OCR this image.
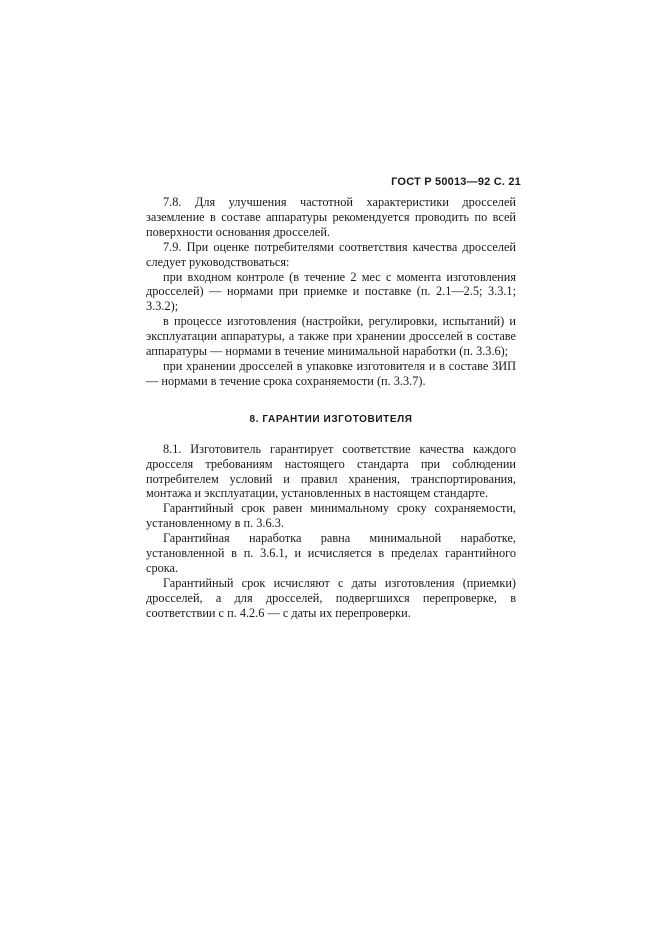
ГОСТ Р 50013—92 С. 21

7.8. Для улучшения частотной характеристики дросселей заземление в составе аппаратуры рекомендуется проводить по всей поверхности основания дросселей.

7.9. При оценке потребителями соответствия качества дросселей следует руководствоваться:

при входном контроле (в течение 2 мес с момента изготовления дросселей) — нормами при приемке и поставке (п. 2.1—2.5; 3.3.1; 3.3.2);

в процессе изготовления (настройки, регулировки, испытаний) и эксплуатации аппаратуры, а также при хранении дросселей в составе аппаратуры — нормами в течение минимальной наработки (п. 3.3.6);

при хранении дросселей в упаковке изготовителя и в составе ЗИП — нормами в течение срока сохраняемости (п. 3.3.7).

8. ГАРАНТИИ ИЗГОТОВИТЕЛЯ

8.1. Изготовитель гарантирует соответствие качества каждого дросселя требованиям настоящего стандарта при соблюдении потребителем условий и правил хранения, транспортирования, монтажа и эксплуатации, установленных в настоящем стандарте.

Гарантийный срок равен минимальному сроку сохраняемости, установленному в п. 3.6.3.

Гарантийная наработка равна минимальной наработке, установленной в п. 3.6.1, и исчисляется в пределах гарантийного срока.

Гарантийный срок исчисляют с даты изготовления (приемки) дросселей, а для дросселей, подвергшихся перепроверке, в соответствии с п. 4.2.6 — с даты их перепроверки.
